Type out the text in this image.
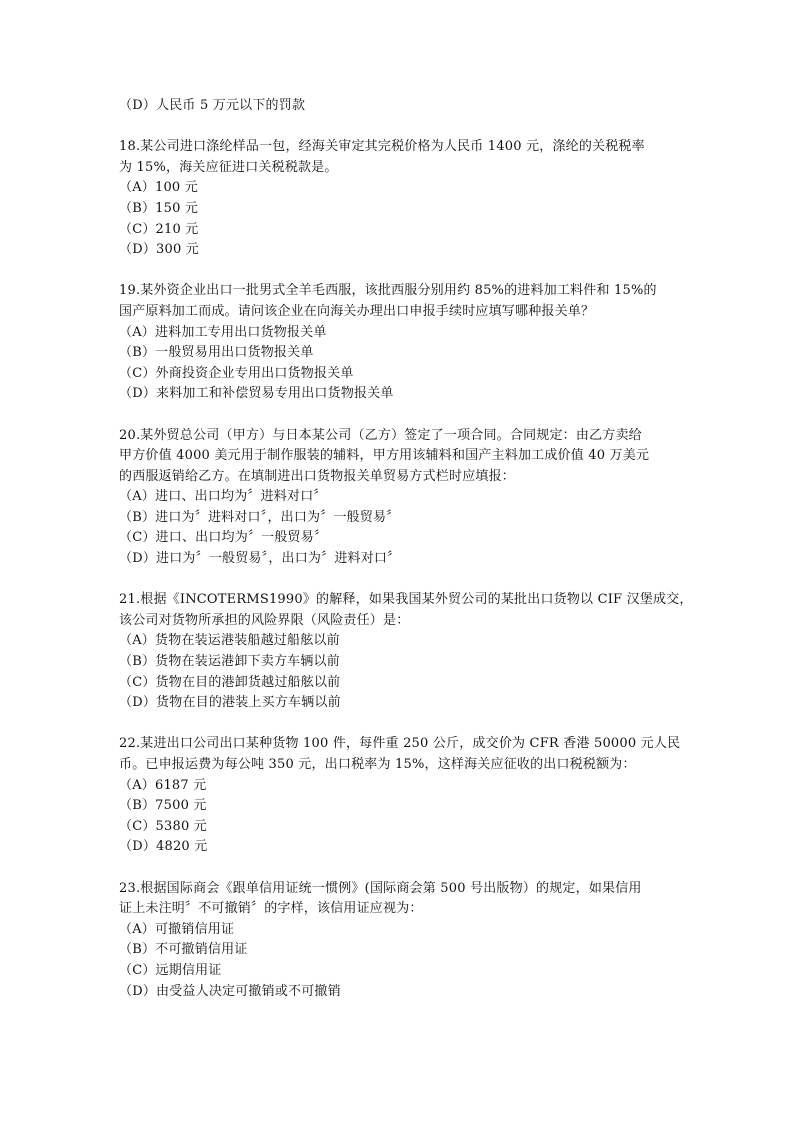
（D）人民币 5 万元以下的罚款
18.某公司进口涤纶样品一包，经海关审定其完税价格为人民币 1400 元，涤纶的关税税率
为 15%，海关应征进口关税税款是。
（A）100 元
（B）150 元
（C）210 元
（D）300 元
19.某外资企业出口一批男式全羊毛西服，该批西服分别用约 85%的进料加工料件和 15%的
国产原料加工而成。请问该企业在向海关办理出口申报手续时应填写哪种报关单？
（A）进料加工专用出口货物报关单
（B）一般贸易用出口货物报关单
（C）外商投资企业专用出口货物报关单
（D）来料加工和补偿贸易专用出口货物报关单
20.某外贸总公司（甲方）与日本某公司（乙方）签定了一项合同。合同规定：由乙方卖给
甲方价值 4000 美元用于制作服装的辅料，甲方用该辅料和国产主料加工成价值 40 万美元
的西服返销给乙方。在填制进出口货物报关单贸易方式栏时应填报：
（A）进口、出口均为〞进料对口〞
（B）进口为〞进料对口〞，出口为〞一般贸易〞
（C）进口、出口均为〞一般贸易〞
（D）进口为〞一般贸易〞，出口为〞进料对口〞
21.根据《INCOTERMS1990》的解释，如果我国某外贸公司的某批出口货物以 CIF 汉堡成交，
该公司对货物所承担的风险界限（风险责任）是：
（A）货物在装运港装船越过船舷以前
（B）货物在装运港卸下卖方车辆以前
（C）货物在目的港卸货越过船舷以前
（D）货物在目的港装上买方车辆以前
22.某进出口公司出口某种货物 100 件，每件重 250 公斤，成交价为 CFR 香港 50000 元人民
币。已申报运费为每公吨 350 元，出口税率为 15%，这样海关应征收的出口税税额为：
（A）6187 元
（B）7500 元
（C）5380 元
（D）4820 元
23.根据国际商会《跟单信用证统一惯例》(国际商会第 500 号出版物）的规定，如果信用
证上未注明〞不可撤销〞的字样，该信用证应视为：
（A）可撤销信用证
（B）不可撤销信用证
（C）远期信用证
（D）由受益人决定可撤销或不可撤销
